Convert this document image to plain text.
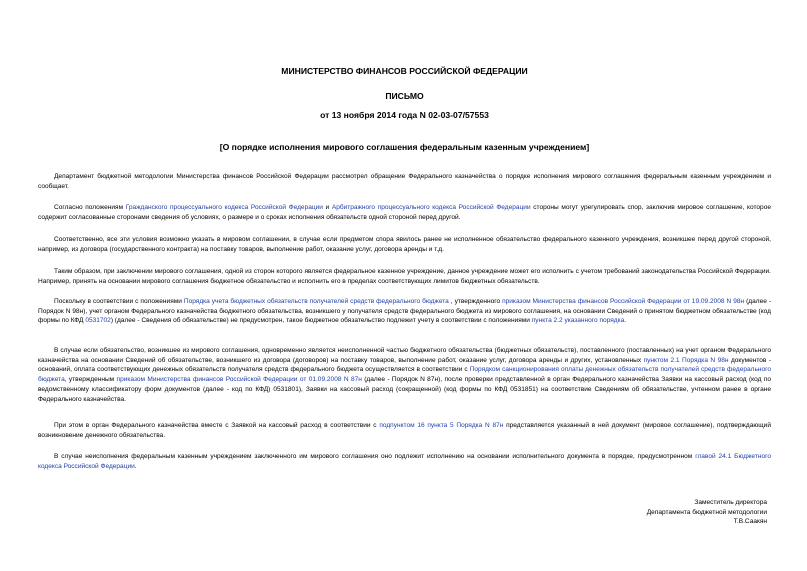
МИНИСТЕРСТВО ФИНАНСОВ РОССИЙСКОЙ ФЕДЕРАЦИИ
ПИСЬМО
от 13 ноября 2014 года N 02-03-07/57553
[О порядке исполнения мирового соглашения федеральным казенным учреждением]
Департамент бюджетной методологии Министерства финансов Российской Федерации рассмотрел обращение Федерального казначейства о порядке исполнения мирового соглашения федеральным казенным учреждением и сообщает.
Согласно положениям Гражданского процессуального кодекса Российской Федерации и Арбитражного процессуального кодекса Российской Федерации стороны могут урегулировать спор, заключив мировое соглашение, которое содержит согласованные сторонами сведения об условиях, о размере и о сроках исполнения обязательств одной стороной перед другой.
Соответственно, все эти условия возможно указать в мировом соглашении, в случае если предметом спора явилось ранее не исполненное обязательство федерального казенного учреждения, возникшее перед другой стороной, например, из договора (государственного контракта) на поставку товаров, выполнение работ, оказание услуг, договора аренды и т.д.
Таким образом, при заключении мирового соглашения, одной из сторон которого является федеральное казенное учреждение, данное учреждение может его исполнить с учетом требований законодательства Российской Федерации. Например, принять на основании мирового соглашения бюджетное обязательство и исполнить его в пределах соответствующих лимитов бюджетных обязательств.
Поскольку в соответствии с положениями Порядка учета бюджетных обязательств получателей средств федерального бюджета , утвержденного приказом Министерства финансов Российской Федерации от 19.09.2008 N 98н (далее - Порядок N 98н), учет органом Федерального казначейства бюджетного обязательства, возникшего у получателя средств федерального бюджета из мирового соглашения, на основании Сведений о принятом бюджетном обязательстве (код формы по КФД 0531702) (далее - Сведения об обязательстве) не предусмотрен, такое бюджетное обязательство подлежит учету в соответствии с положениями пункта 2.2 указанного порядка.
В случае если обязательство, возникшее из мирового соглашения, одновременно является неисполненной частью бюджетного обязательства (бюджетных обязательств), поставленного (поставленных) на учет органом Федерального казначейства на основании Сведений об обязательстве, возникшего из договора (договоров) на поставку товаров, выполнение работ, оказание услуг, договора аренды и других, установленных пунктом 2.1 Порядка N 98н документов - оснований, оплата соответствующих денежных обязательств получателя средств федерального бюджета осуществляется в соответствии с Порядком санкционирования оплаты денежных обязательств получателей средств федерального бюджета, утвержденным приказом Министерства финансов Российской Федерации от 01.09.2008 N 87н (далее - Порядок N 87н), после проверки представленной в орган Федерального казначейства Заявки на кассовый расход (код по ведомственному классификатору форм документов (далее - код по КФД) 0531801), Заявки на кассовый расход (сокращенной) (код формы по КФД 0531851) на соответствие Сведениям об обязательстве, учтенном ранее в органе Федерального казначейства.
При этом в орган Федерального казначейства вместе с Заявкой на кассовый расход в соответствии с подпунктом 16 пункта 5 Порядка N 87н представляется указанный в ней документ (мировое соглашение), подтверждающий возникновение денежного обязательства.
В случае неисполнения федеральным казенным учреждением заключенного им мирового соглашения оно подлежит исполнению на основании исполнительного документа в порядке, предусмотренном главой 24.1 Бюджетного кодекса Российской Федерации.
Заместитель директора
Департамента бюджетной методологии
Т.В.Саакян
